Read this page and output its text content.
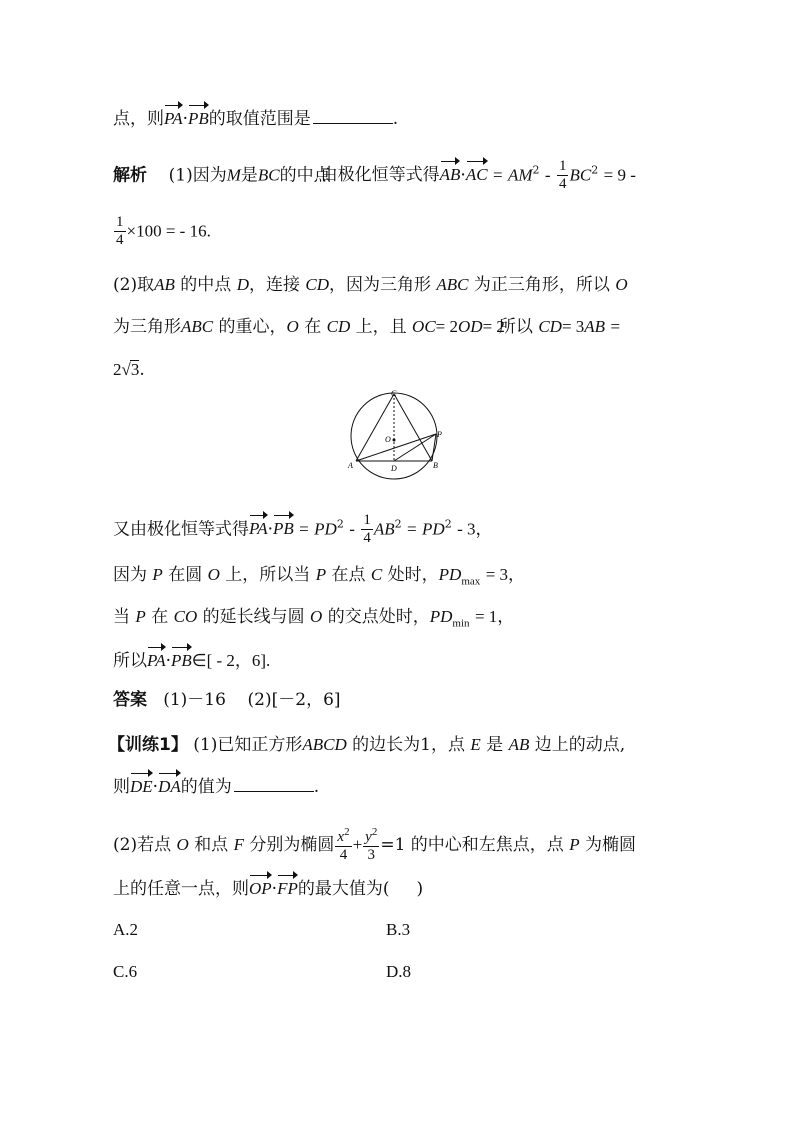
点，则PA·PB的取值范围是	.
解析 (1)因为M是BC的中点由极化恒等式得$AB\cdot AC = AM^2 - \frac{1}{4} BC^2 = 9$ -
$\frac{1}{4} \times 100$ = - 16.
(2)取AB 的中点 D，连接 CD，因为三角形 ABC 为正三角形，所以 O
为三角形ABC 的重心，O 在 CD 上，且 OC= 2OD= 2所以 CD= 3AB =
2√3.
C
O
P
A	D	B
又由极化恒等式得$PA\cdot PB = PD^2 - \frac{1}{4} AB^2 = PD^2 - 3$，
因为 P 在圆 O 上，所以当 P 在点 C 处时，$PD_{max} = 3$，
当 P 在 CO 的延长线与圆 O 的交点处时，$PD_{min} = 1$，
所以PA·PB∈[ - 2，6].
答案 (1)－16    (2)[－2，6]
【训练1】 (1)已知正方形ABCD 的边长为1，点 E 是 AB 边上的动点,
则DE·DA的值为	.
(2)若点 O 和点 F 分别为椭圆 $\frac{x^2}{4} + \frac{y^2}{3} =1$ 的中心和左焦点，点 P 为椭圆
上的任意一点，则OP·FP的最大值为(     )
A.2	B.3
C.6	D.8
